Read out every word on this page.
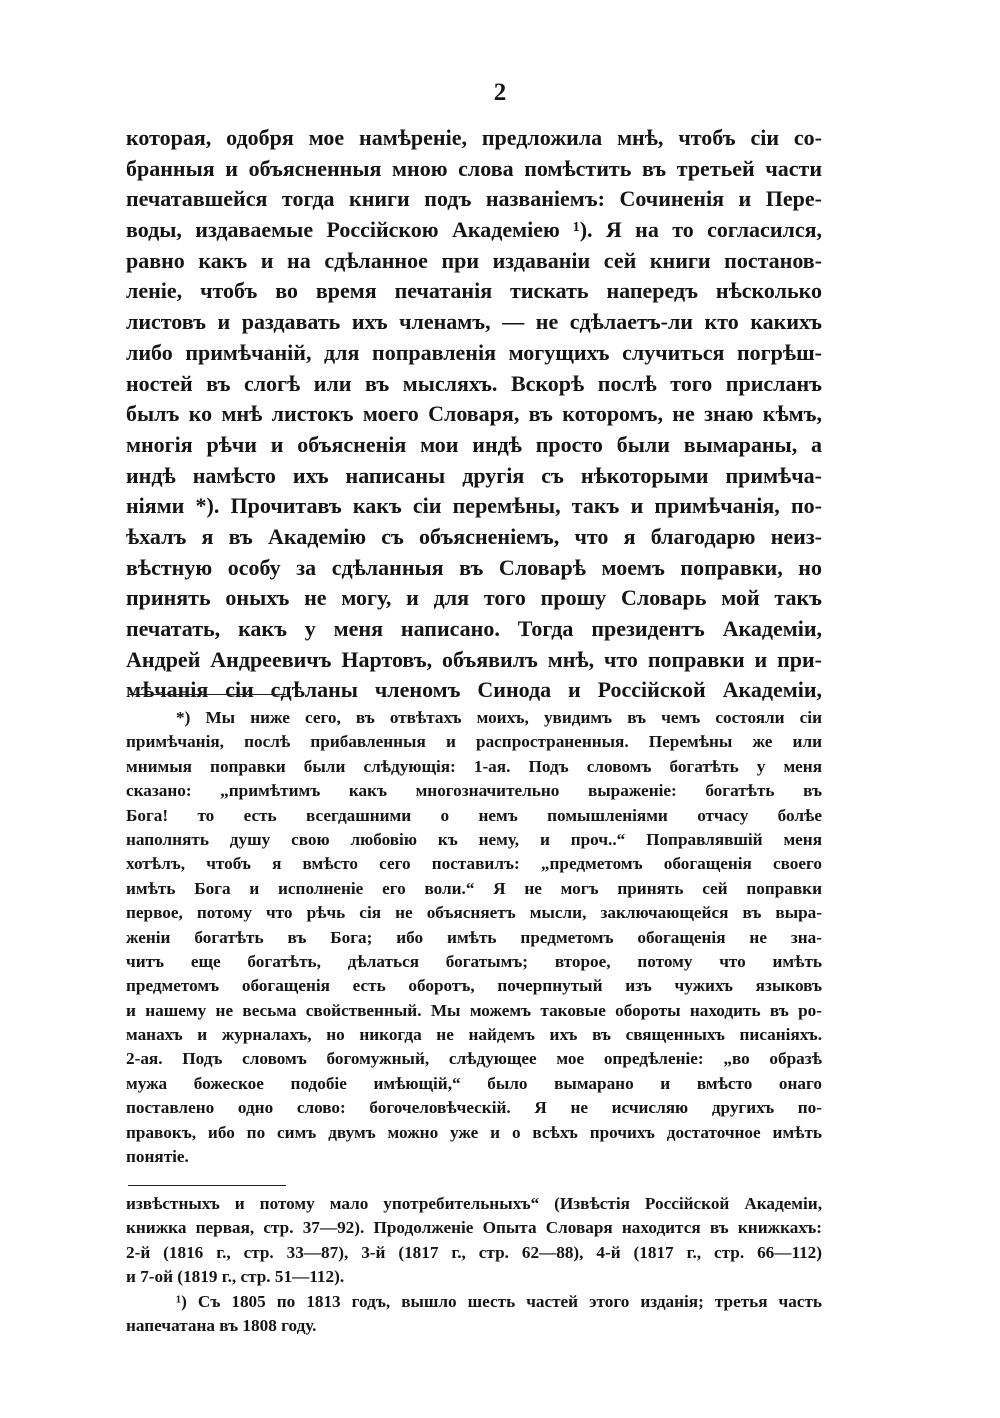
2
которая, одобря мое намѣреніе, предложила мнѣ, чтобъ сіи со-
бранныя и объясненныя мною слова помѣстить въ третьей части
печатавшейся тогда книги подъ названіемъ: Сочиненія и Пере-
воды, издаваемые Россійскою Академіею ¹). Я на то согласился,
равно какъ и на сдѣланное при издаваніи сей книги постанов-
леніе, чтобъ во время печатанія тискать напередъ нѣсколько
листовъ и раздавать ихъ членамъ, — не сдѣлаетъ-ли кто какихъ
либо примѣчаній, для поправленія могущихъ случиться погрѣш-
ностей въ слогѣ или въ мысляхъ. Вскорѣ послѣ того присланъ
былъ ко мнѣ листокъ моего Словаря, въ которомъ, не знаю кѣмъ,
многія рѣчи и объясненія мои индѣ просто были вымараны, а
индѣ намѣсто ихъ написаны другія съ нѣкоторыми примѣча-
ніями *). Прочитавъ какъ сіи перемѣны, такъ и примѣчанія, по-
ѣхалъ я въ Академію съ объясненіемъ, что я благодарю неиз-
вѣстную особу за сдѣланныя въ Словарѣ моемъ поправки, но
принять оныхъ не могу, и для того прошу Словарь мой такъ
печатать, какъ у меня написано. Тогда президентъ Академіи,
Андрей Андреевичъ Нартовъ, объявилъ мнѣ, что поправки и при-
мѣчанія сіи сдѣланы членомъ Синода и Россійской Академіи,
*) Мы ниже сего, въ отвѣтахъ моихъ, увидимъ въ чемъ состояли сіи
примѣчанія, послѣ прибавленныя и распространенныя. Перемѣны же или
мнимыя поправки были слѣдующія: 1-ая. Подъ словомъ богатѣть у меня
сказано: „примѣтимъ какъ многозначительно выраженіе: богатѣть въ
Бога! то есть всегдашними о немъ помышленіями отчасу болѣе
наполнять душу свою любовію къ нему, и проч..“ Поправлявшій меня
хотѣлъ, чтобъ я вмѣсто сего поставилъ: „предметомъ обогащенія своего
имѣть Бога и исполненіе его воли.“ Я не могъ принять сей поправки
первое, потому что рѣчь сія не объясняетъ мысли, заключающейся въ выра-
женіи богатѣть въ Бога; ибо имѣть предметомъ обогащенія не зна-
читъ еще богатѣть, дѣлаться богатымъ; второе, потому что имѣть
предметомъ обогащенія есть оборотъ, почерпнутый изъ чужихъ языковъ
и нашему не весьма свойственный. Мы можемъ таковые обороты находить въ ро-
манахъ и журналахъ, но никогда не найдемъ ихъ въ священныхъ писаніяхъ.
2-ая. Подъ словомъ богомужный, слѣдующее мое опредѣленіе: „во образѣ
мужа божеское подобіе имѣющій,“ было вымарано и вмѣсто онаго
поставлено одно слово: богочеловѣческій. Я не исчисляю другихъ по-
правокъ, ибо по симъ двумъ можно уже и о всѣхъ прочихъ достаточное имѣть
понятіе.
извѣстныхъ и потому мало употребительныхъ“ (Извѣстія Россійской Академіи,
книжка первая, стр. 37—92). Продолженіе Опыта Словаря находится въ книжкахъ:
2-й (1816 г., стр. 33—87), 3-й (1817 г., стр. 62—88), 4-й (1817 г., стр. 66—112)
и 7-ой (1819 г., стр. 51—112).
¹) Съ 1805 по 1813 годъ, вышло шесть частей этого изданія; третья часть
напечатана въ 1808 году.
